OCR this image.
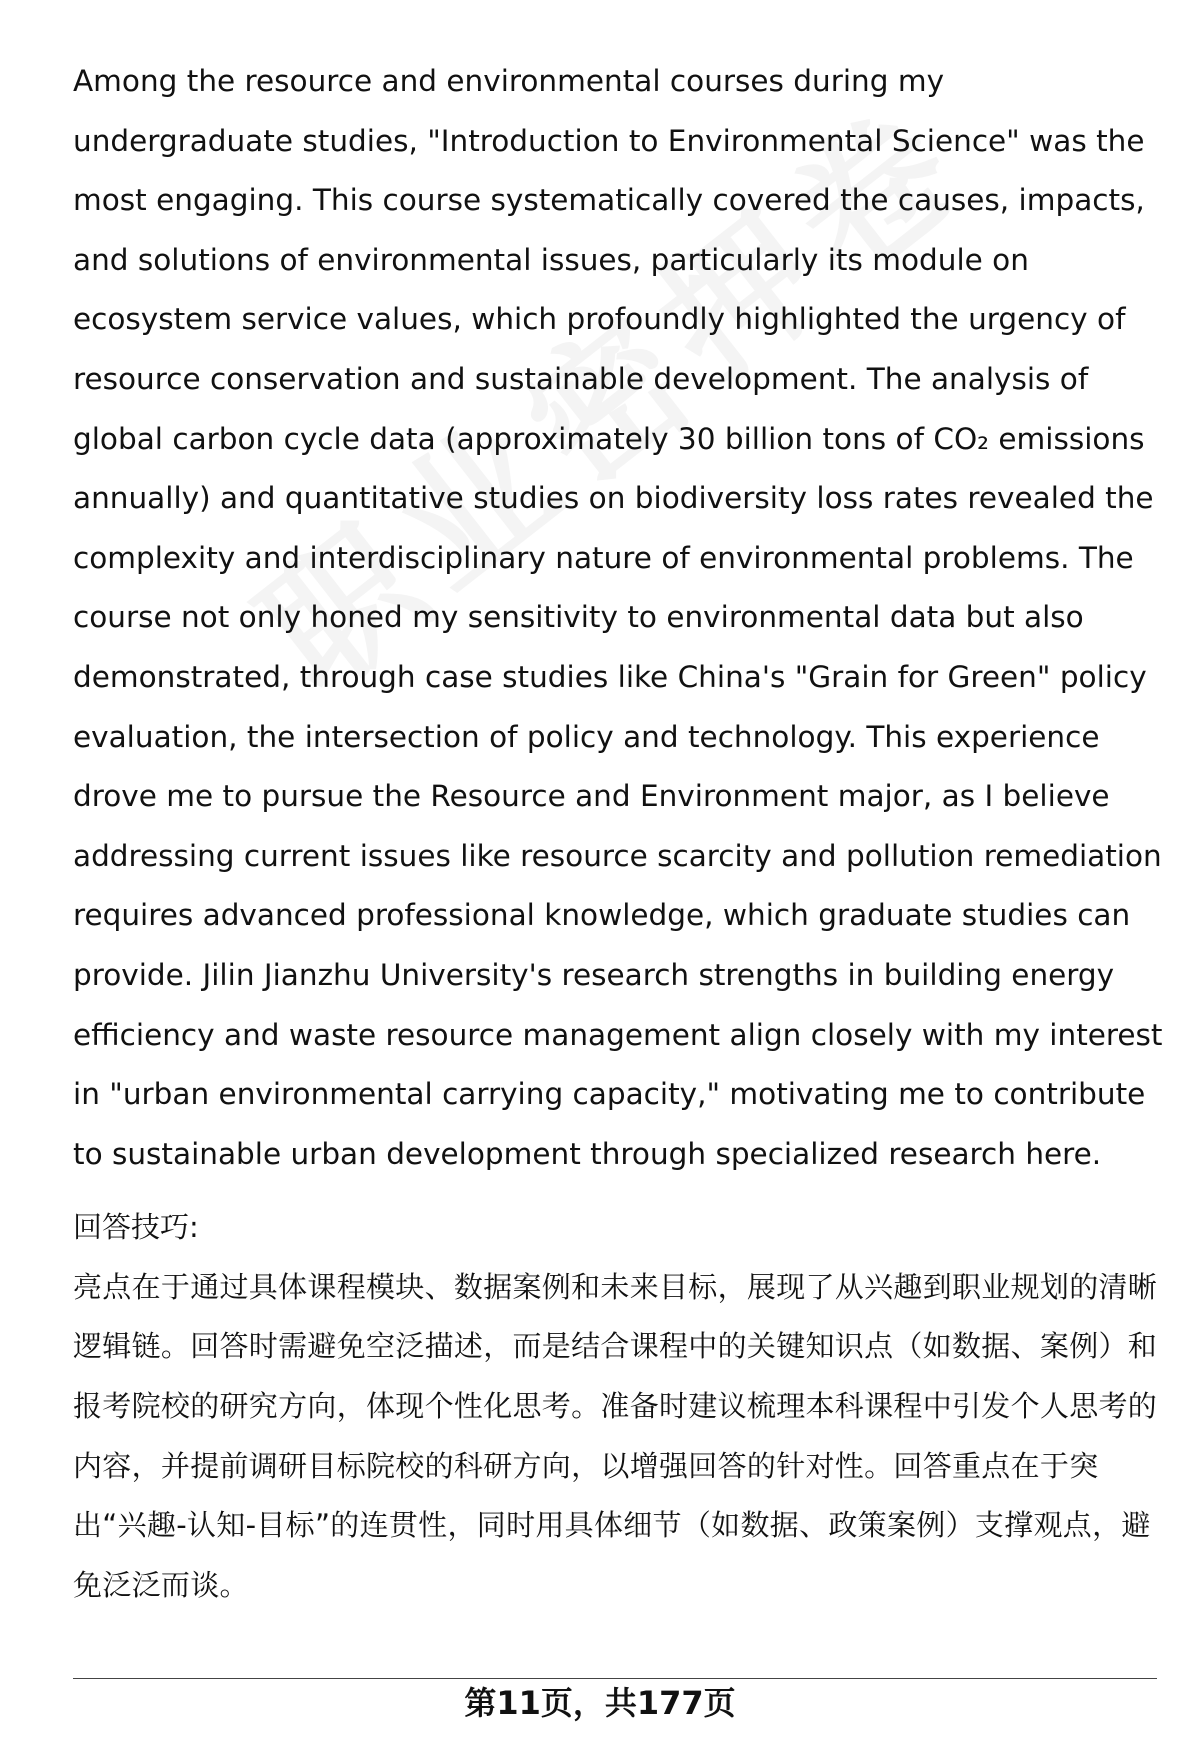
Among the resource and environmental courses during my undergraduate studies, "Introduction to Environmental Science" was the most engaging. This course systematically covered the causes, impacts, and solutions of environmental issues, particularly its module on ecosystem service values, which profoundly highlighted the urgency of resource conservation and sustainable development. The analysis of global carbon cycle data (approximately 30 billion tons of CO₂ emissions annually) and quantitative studies on biodiversity loss rates revealed the complexity and interdisciplinary nature of environmental problems. The course not only honed my sensitivity to environmental data but also demonstrated, through case studies like China's "Grain for Green" policy evaluation, the intersection of policy and technology. This experience drove me to pursue the Resource and Environment major, as I believe addressing current issues like resource scarcity and pollution remediation requires advanced professional knowledge, which graduate studies can provide. Jilin Jianzhu University's research strengths in building energy efficiency and waste resource management align closely with my interest in "urban environmental carrying capacity," motivating me to contribute to sustainable urban development through specialized research here.

回答技巧:

亮点在于通过具体课程模块、数据案例和未来目标，展现了从兴趣到职业规划的清晰逻辑链。回答时需避免空泛描述，而是结合课程中的关键知识点（如数据、案例）和报考院校的研究方向，体现个性化思考。准备时建议梳理本科课程中引发个人思考的内容，并提前调研目标院校的科研方向，以增强回答的针对性。回答重点在于突出“兴趣-认知-目标”的连贯性，同时用具体细节（如数据、政策案例）支撑观点，避免泛泛而谈。

第11页，共177页
